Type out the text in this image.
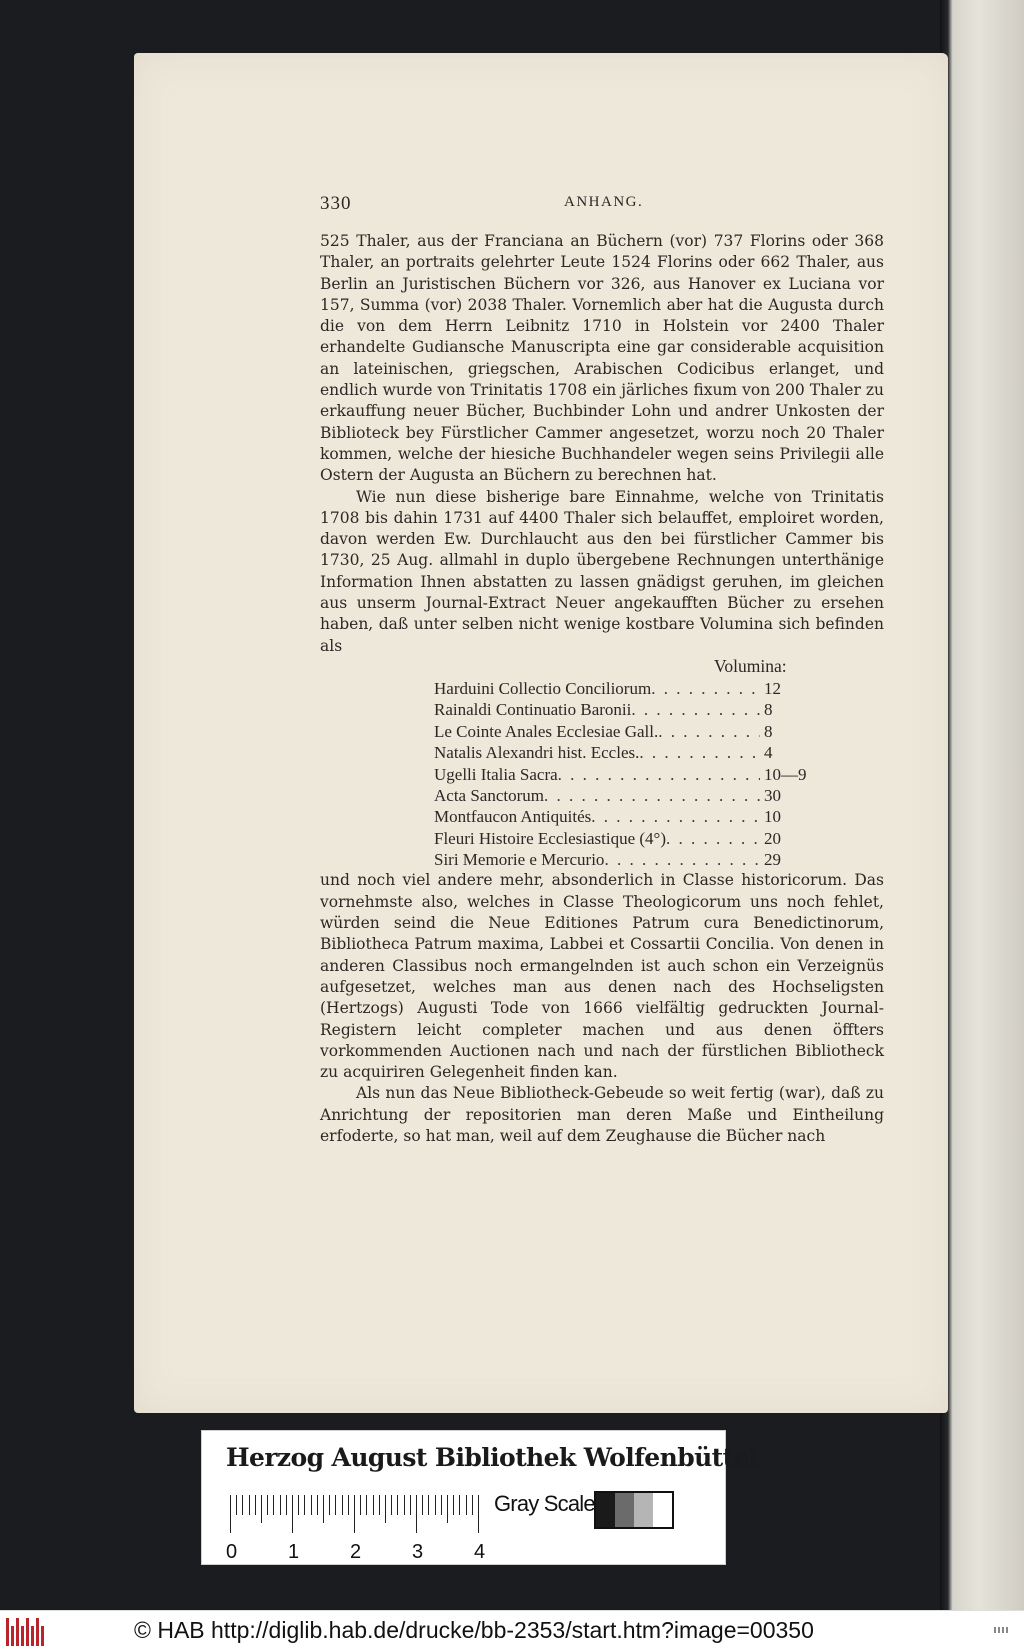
330	ANHANG.

525 Thaler, aus der Franciana an Büchern (vor) 737 Florins oder 368 Thaler, an portraits gelehrter Leute 1524 Florins oder 662 Thaler, aus Berlin an Juristischen Büchern vor 326, aus Hanover ex Luciana vor 157, Summa (vor) 2038 Thaler. Vornemlich aber hat die Augusta durch die von dem Herrn Leibnitz 1710 in Holstein vor 2400 Thaler erhandelte Gudiansche Manuscripta eine gar considerable acquisition an lateinischen, griegschen, Arabischen Codicibus erlanget, und endlich wurde von Trinitatis 1708 ein järliches fixum von 200 Thaler zu erkauffung neuer Bücher, Buchbinder Lohn und andrer Unkosten der Biblioteck bey Fürstlicher Cammer angesetzet, worzu noch 20 Thaler kommen, welche der hiesiche Buchhandeler wegen seins Privilegii alle Ostern der Augusta an Büchern zu berechnen hat.

Wie nun diese bisherige bare Einnahme, welche von Trinitatis 1708 bis dahin 1731 auf 4400 Thaler sich belauffet, emploiret worden, davon werden Ew. Durchlaucht aus den bei fürstlicher Cammer bis 1730, 25 Aug. allmahl in duplo übergebene Rechnungen unterthänige Information Ihnen abstatten zu lassen gnädigst geruhen, im gleichen aus unserm Journal-Extract Neuer angekaufften Bücher zu ersehen haben, daß unter selben nicht wenige kostbare Volumina sich befinden als

Volumina:
Harduini Collectio Conciliorum . . .	12
Rainaldi Continuatio Baronii . . .	8
Le Cointe Anales Ecclesiae Gall. . . .	8
Natalis Alexandri hist. Eccles. . . .	4
Ugelli Italia Sacra . . .	10—9
Acta Sanctorum . . .	30
Montfaucon Antiquités . . .	10
Fleuri Histoire Ecclesiastique (4°) . . .	20
Siri Memorie e Mercurio . . .	29

und noch viel andere mehr, absonderlich in Classe historicorum. Das vornehmste also, welches in Classe Theologicorum uns noch fehlet, würden seind die Neue Editiones Patrum cura Benedictinorum, Bibliotheca Patrum maxima, Labbei et Cossartii Concilia. Von denen in anderen Classibus noch ermangelnden ist auch schon ein Verzeignüs aufgesetzet, welches man aus denen nach des Hochseligsten (Hertzogs) Augusti Tode von 1666 vielfältig gedruckten Journal-Registern leicht completer machen und aus denen öffters vorkommenden Auctionen nach und nach der fürstlichen Bibliotheck zu acquiriren Gelegenheit finden kan.

Als nun das Neue Bibliotheck-Gebeude so weit fertig (war), daß zu Anrichtung der repositorien man deren Maße und Eintheilung erfoderte, so hat man, weil auf dem Zeughause die Bücher nach

Herzog August Bibliothek Wolfenbüttel
0	1	2	3	4
Gray Scale
© HAB http://diglib.hab.de/drucke/bb-2353/start.htm?image=00350
